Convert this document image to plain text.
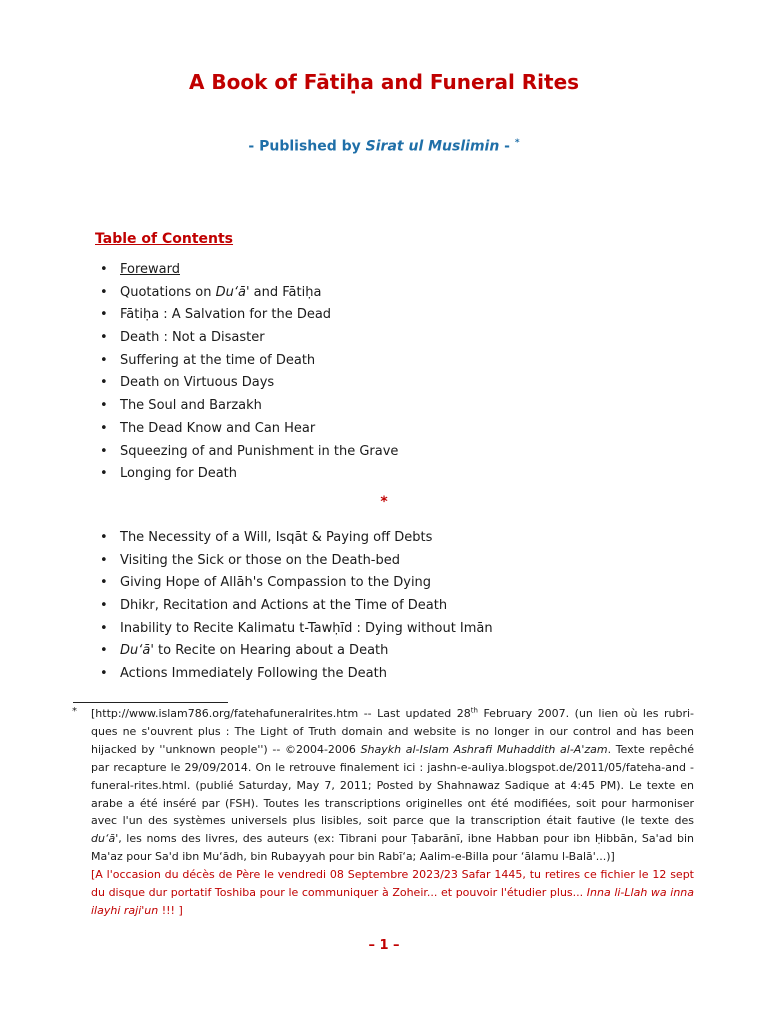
A Book of Fātiḥa and Funeral Rites
- Published by Sirat ul Muslimin - *
Table of Contents
• Foreward
• Quotations on Du‘ā' and Fātiḥa
• Fātiḥa : A Salvation for the Dead
• Death : Not a Disaster
• Suffering at the time of Death
• Death on Virtuous Days
• The Soul and Barzakh
• The Dead Know and Can Hear
• Squeezing of and Punishment in the Grave
• Longing for Death
*
• The Necessity of a Will, Isqāt & Paying off Debts
• Visiting the Sick or those on the Death-bed
• Giving Hope of Allāh's Compassion to the Dying
• Dhikr, Recitation and Actions at the Time of Death
• Inability to Recite Kalimatu t-Tawḥīd : Dying without Imān
• Du‘ā' to Recite on Hearing about a Death
• Actions Immediately Following the Death
* [http://www.islam786.org/fatehafuneralrites.htm -- Last updated 28th February 2007. (un lien où les rubri-ques ne s'ouvrent plus : The Light of Truth domain and website is no longer in our control and has been hijacked by ''unknown people'') -- ©2004-2006 Shaykh al-Islam Ashrafi Muhaddith al-A'zam. Texte repêché par recapture le 29/09/2014. On le retrouve finalement ici : jashn-e-auliya.blogspot.de/2011/05/fateha-and -funeral-rites.html. (publié Saturday, May 7, 2011; Posted by Shahnawaz Sadique at 4:45 PM). Le texte en arabe a été inséré par (FSH). Toutes les transcriptions originelles ont été modifiées, soit pour harmoniser avec l'un des systèmes universels plus lisibles, soit parce que la transcription était fautive (le texte des du‘ā', les noms des livres, des auteurs (ex: Tibrani pour Ṭabarānī, ibne Habban pour ibn Ḥibbān, Sa'ad bin Ma'az pour Sa'd ibn Mu‘ādh, bin Rubayyah pour bin Rabī‘a; Aalim-e-Billa pour ‘ālamu l-Balā'...)]

[A l'occasion du décès de Père le vendredi 08 Septembre 2023/23 Safar 1445, tu retires ce fichier le 12 sept du disque dur portatif Toshiba pour le communiquer à Zoheir... et pouvoir l'étudier plus... Inna li-Llah wa inna ilayhi raji'un !!! ]

– 1 –
